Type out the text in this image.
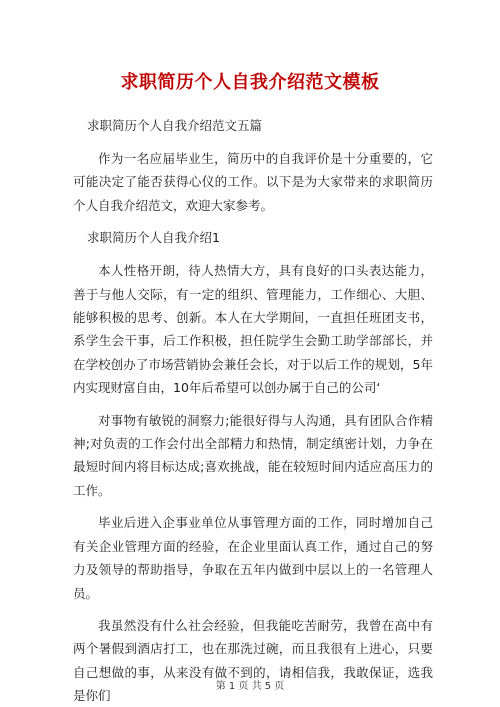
求职简历个人自我介绍范文模板
求职简历个人自我介绍范文五篇
作为一名应届毕业生，简历中的自我评价是十分重要的，它可能决定了能否获得心仪的工作。以下是为大家带来的求职简历个人自我介绍范文，欢迎大家参考。
求职简历个人自我介绍1
本人性格开朗，待人热情大方，具有良好的口头表达能力，善于与他人交际，有一定的组织、管理能力，工作细心、大胆、能够积极的思考、创新。本人在大学期间，一直担任班团支书，系学生会干事，后工作积极，担任院学生会勤工助学部部长，并在学校创办了市场营销协会兼任会长，对于以后工作的规划，5年内实现财富自由，10年后希望可以创办属于自己的公司‘
对事物有敏锐的洞察力;能很好得与人沟通，具有团队合作精神;对负责的工作会付出全部精力和热情，制定缜密计划，力争在最短时间内将目标达成;喜欢挑战，能在较短时间内适应高压力的工作。
毕业后进入企事业单位从事管理方面的工作，同时增加自己有关企业管理方面的经验，在企业里面认真工作，通过自己的努力及领导的帮助指导，争取在五年内做到中层以上的一名管理人员。
我虽然没有什么社会经验，但我能吃苦耐劳，我曾在高中有两个暑假到酒店打工，也在那洗过碗，而且我很有上进心，只要自己想做的事，从来没有做不到的，请相信我，我敢保证，选我是你们
第 1 页 共 5 页
